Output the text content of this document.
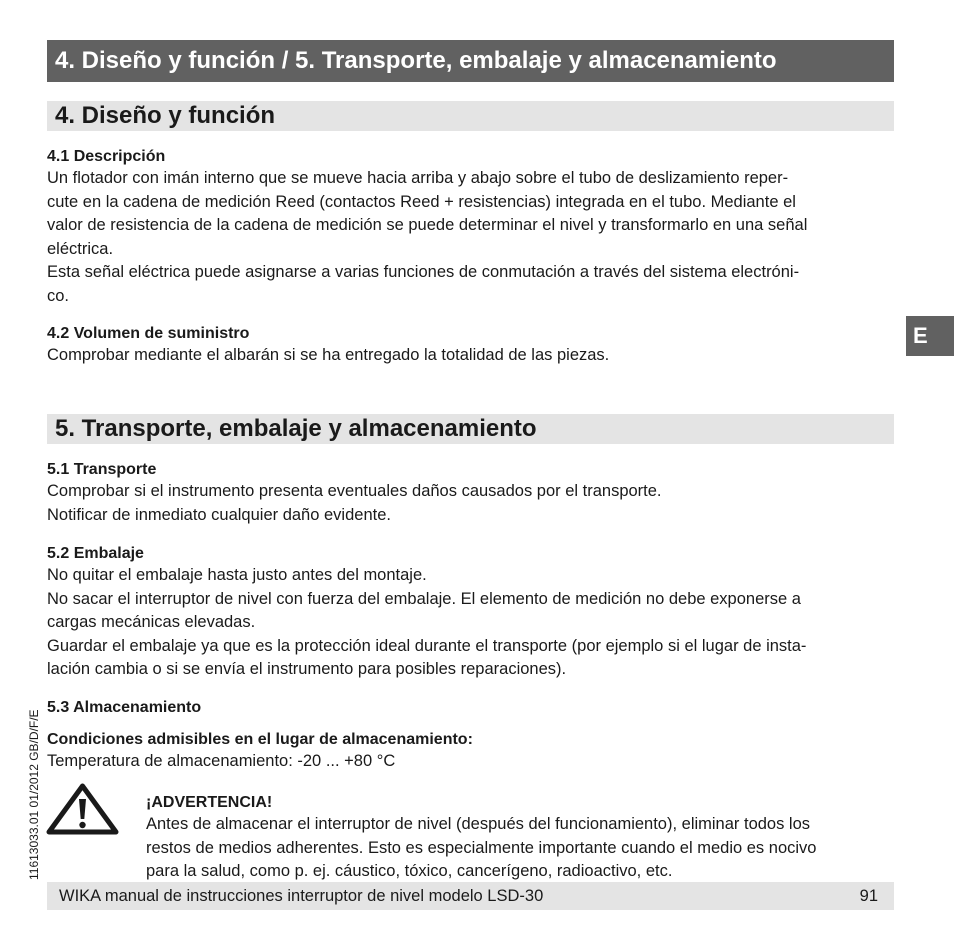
4. Diseño y función / 5. Transporte, embalaje y almacenamiento
4. Diseño y función

4.1 Descripción

Un flotador con imán interno que se mueve hacia arriba y abajo sobre el tubo de deslizamiento reper-

cute en la cadena de medición Reed (contactos Reed + resistencias) integrada en el tubo. Mediante el

valor de resistencia de la cadena de medición se puede determinar el nivel y transformarlo en una señal

eléctrica.

Esta señal eléctrica puede asignarse a varias funciones de conmutación a través del sistema electróni-

co.

4.2 Volumen de suministro

Comprobar mediante el albarán si se ha entregado la totalidad de las piezas.

E
5. Transporte, embalaje y almacenamiento

5.1 Transporte

Comprobar si el instrumento presenta eventuales daños causados por el transporte.

Notificar de inmediato cualquier daño evidente.

5.2 Embalaje

No quitar el embalaje hasta justo antes del montaje.

No sacar el interruptor de nivel con fuerza del embalaje. El elemento de medición no debe exponerse a

cargas mecánicas elevadas.

Guardar el embalaje ya que es la protección ideal durante el transporte (por ejemplo si el lugar de insta-

lación cambia o si se envía el instrumento para posibles reparaciones).

5.3 Almacenamiento

Condiciones admisibles en el lugar de almacenamiento:

Temperatura de almacenamiento: -20 ... +80 °C

¡ADVERTENCIA!

Antes de almacenar el interruptor de nivel (después del funcionamiento), eliminar todos los

restos de medios adherentes. Esto es especialmente importante cuando el medio es nocivo

para la salud, como p. ej. cáustico, tóxico, cancerígeno, radioactivo, etc.

11613033.01 01/2012 GB/D/F/E
WIKA manual de instrucciones interruptor de nivel modelo LSD-30	91
